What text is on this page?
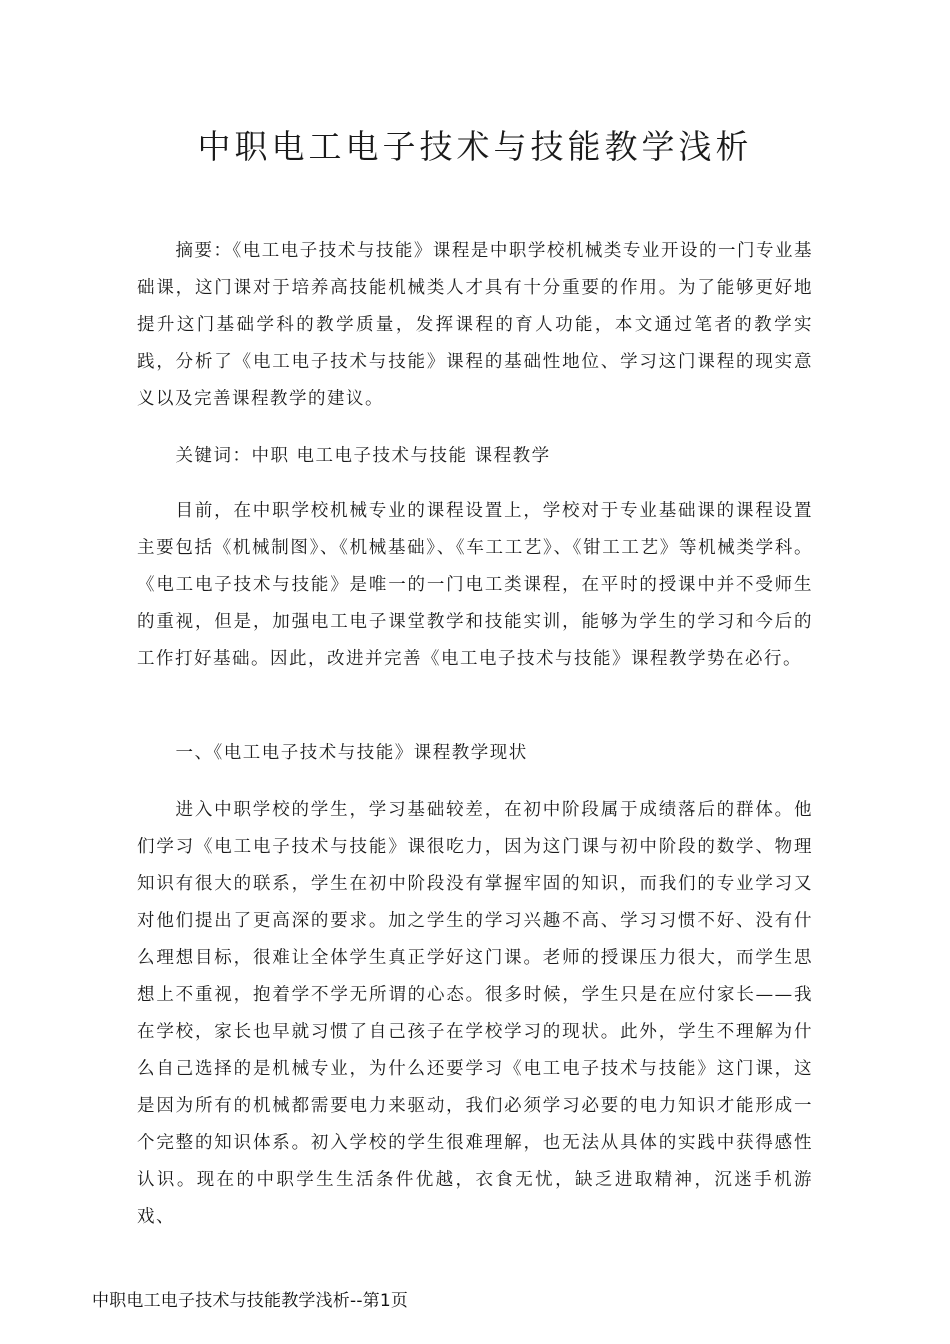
中职电工电子技术与技能教学浅析

摘要：《电工电子技术与技能》课程是中职学校机械类专业开设的一门专业基础课，这门课对于培养高技能机械类人才具有十分重要的作用。为了能够更好地提升这门基础学科的教学质量，发挥课程的育人功能，本文通过笔者的教学实践，分析了《电工电子技术与技能》课程的基础性地位、学习这门课程的现实意义以及完善课程教学的建议。

关键词：中职 电工电子技术与技能 课程教学

目前，在中职学校机械专业的课程设置上，学校对于专业基础课的课程设置主要包括《机械制图》、《机械基础》、《车工工艺》、《钳工工艺》等机械类学科。《电工电子技术与技能》是唯一的一门电工类课程，在平时的授课中并不受师生的重视，但是，加强电工电子课堂教学和技能实训，能够为学生的学习和今后的工作打好基础。因此，改进并完善《电工电子技术与技能》课程教学势在必行。

一、《电工电子技术与技能》课程教学现状

进入中职学校的学生，学习基础较差，在初中阶段属于成绩落后的群体。他们学习《电工电子技术与技能》课很吃力，因为这门课与初中阶段的数学、物理知识有很大的联系，学生在初中阶段没有掌握牢固的知识，而我们的专业学习又对他们提出了更高深的要求。加之学生的学习兴趣不高、学习习惯不好、没有什么理想目标，很难让全体学生真正学好这门课。老师的授课压力很大，而学生思想上不重视，抱着学不学无所谓的心态。很多时候，学生只是在应付家长——我在学校，家长也早就习惯了自己孩子在学校学习的现状。此外，学生不理解为什么自己选择的是机械专业，为什么还要学习《电工电子技术与技能》这门课，这是因为所有的机械都需要电力来驱动，我们必须学习必要的电力知识才能形成一个完整的知识体系。初入学校的学生很难理解，也无法从具体的实践中获得感性认识。现在的中职学生生活条件优越，衣食无忧，缺乏进取精神，沉迷手机游戏、

中职电工电子技术与技能教学浅析--第1页
